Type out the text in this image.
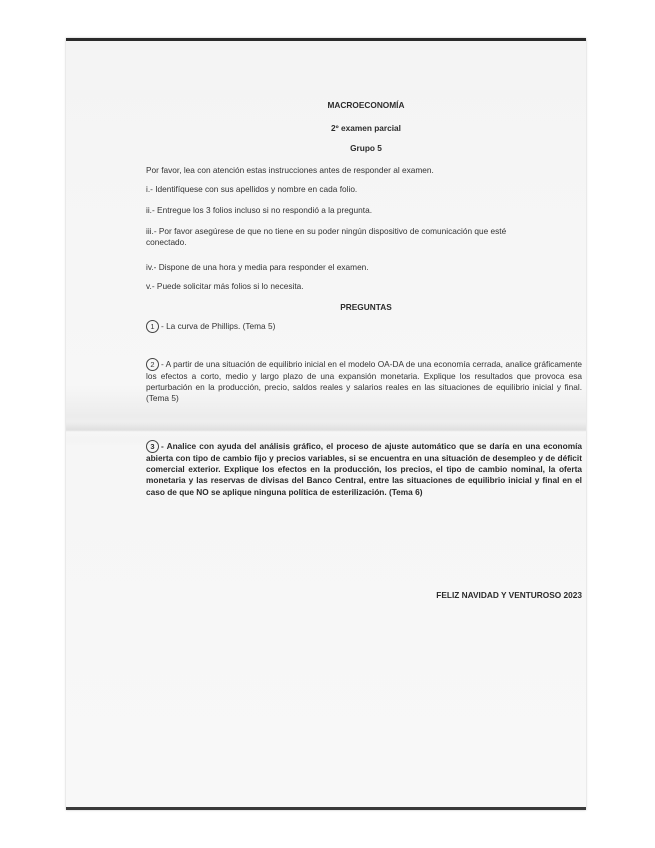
MACROECONOMÍA
2º examen parcial
Grupo 5
Por favor, lea con atención estas instrucciones antes de responder al examen.
i.- Identifíquese con sus apellidos y nombre en cada folio.
ii.- Entregue los 3 folios incluso si no respondió a la pregunta.
iii.- Por favor asegúrese de que no tiene en su poder ningún dispositivo de comunicación que esté conectado.
iv.- Dispone de una hora y media para responder el examen.
v.- Puede solicitar más folios si lo necesita.
PREGUNTAS
1 - La curva de Phillips. (Tema 5)
2 - A partir de una situación de equilibrio inicial en el modelo OA-DA de una economía cerrada, analice gráficamente los efectos a corto, medio y largo plazo de una expansión monetaria. Explique los resultados que provoca esa perturbación en la producción, precio, saldos reales y salarios reales en las situaciones de equilibrio inicial y final. (Tema 5)
3 - Analice con ayuda del análisis gráfico, el proceso de ajuste automático que se daría en una economía abierta con tipo de cambio fijo y precios variables, si se encuentra en una situación de desempleo y de déficit comercial exterior. Explique los efectos en la producción, los precios, el tipo de cambio nominal, la oferta monetaria y las reservas de divisas del Banco Central, entre las situaciones de equilibrio inicial y final en el caso de que NO se aplique ninguna política de esterilización. (Tema 6)
FELIZ NAVIDAD Y VENTUROSO 2023
